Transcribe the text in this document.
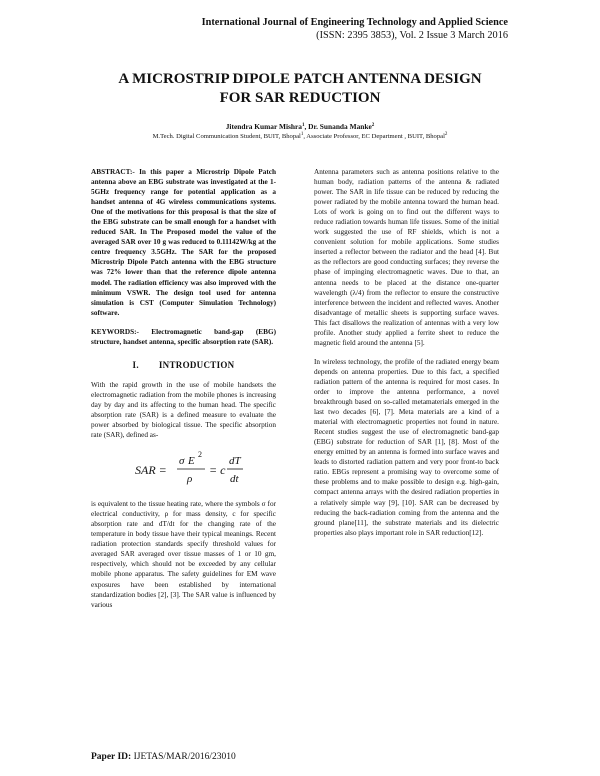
International Journal of Engineering Technology and Applied Science
(ISSN: 2395 3853), Vol. 2 Issue 3 March 2016
A MICROSTRIP DIPOLE PATCH ANTENNA DESIGN
FOR SAR REDUCTION
Jitendra Kumar Mishra$^1$, Dr. Sunanda Manke$^2$
M.Tech. Digital Communication Student, BUIT, Bhopal$^1$, Associate Professor, EC Department , BUIT, Bhopal$^2$

ABSTRACT:- In this paper a Microstrip Dipole Patch antenna above an EBG substrate was investigated at the 1-5GHz frequency range for potential application as a handset antenna of 4G wireless communications systems. One of the motivations for this proposal is that the size of the EBG substrate can be small enough for a handset with reduced SAR. In The Proposed model the value of the averaged SAR over 10 g was reduced to 0.11142W/kg at the centre frequency 3.5GHz. The SAR for the proposed Microstrip Dipole Patch antenna with the EBG structure was 72% lower than that the reference dipole antenna model. The radiation efficiency was also improved with the minimum VSWR. The design tool used for antenna simulation is CST (Computer Simulation Technology) software.

KEYWORDS:- Electromagnetic band-gap (EBG) structure, handset antenna, specific absorption rate (SAR).

I. INTRODUCTION

With the rapid growth in the use of mobile handsets the electromagnetic radiation from the mobile phones is increasing day by day and its affecting to the human head. The specific absorption rate (SAR) is a defined measure to evaluate the power absorbed by biological tissue. The specific absorption rate (SAR), defined as-

SAR =
σ E
2
ρ
= c
dT
dt

is equivalent to the tissue heating rate, where the symbols σ for electrical conductivity, ρ for mass density, c for specific absorption rate and dT/dt for the changing rate of the temperature in body tissue have their typical meanings. Recent radiation protection standards specify threshold values for averaged SAR averaged over tissue masses of 1 or 10 gm, respectively, which should not be exceeded by any cellular mobile phone apparatus. The safety guidelines for EM wave exposures have been established by international standardization bodies [2], [3]. The SAR value is influenced by various

Antenna parameters such as antenna positions relative to the human body, radiation patterns of the antenna & radiated power. The SAR in life tissue can be reduced by reducing the power radiated by the mobile antenna toward the human head. Lots of work is going on to find out the different ways to reduce radiation towards human life tissues. Some of the initial work suggested the use of RF shields, which is not a convenient solution for mobile applications. Some studies inserted a reflector between the radiator and the head [4]. But as the reflectors are good conducting surfaces; they reverse the phase of impinging electromagnetic waves. Due to that, an antenna needs to be placed at the distance one-quarter wavelength (λ/4) from the reflector to ensure the constructive interference between the incident and reflected waves. Another disadvantage of metallic sheets is supporting surface waves. This fact disallows the realization of antennas with a very low profile. Another study applied a ferrite sheet to reduce the magnetic field around the antenna [5].

In wireless technology, the profile of the radiated energy beam depends on antenna properties. Due to this fact, a specified radiation pattern of the antenna is required for most cases. In order to improve the antenna performance, a novel breakthrough based on so-called metamaterials emerged in the last two decades [6], [7]. Meta materials are a kind of a material with electromagnetic properties not found in nature. Recent studies suggest the use of electromagnetic band-gap (EBG) substrate for reduction of SAR [1], [8]. Most of the energy emitted by an antenna is formed into surface waves and leads to distorted radiation pattern and very poor front-to back ratio. EBGs represent a promising way to overcome some of these problems and to make possible to design e.g. high-gain, compact antenna arrays with the desired radiation properties in a relatively simple way [9], [10]. SAR can be decreased by reducing the back-radiation coming from the antenna and the ground plane[11], the substrate materials and its dielectric properties also plays important role in SAR reduction[12].

Paper ID: IJETAS/MAR/2016/23010
